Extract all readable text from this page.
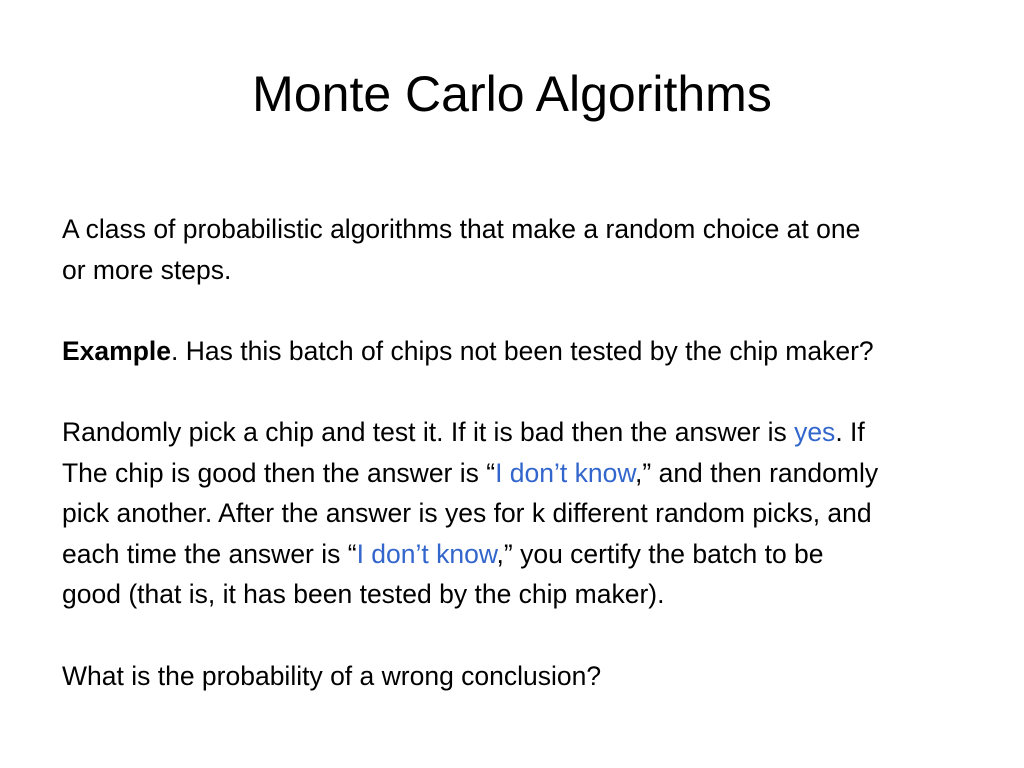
Monte Carlo Algorithms

A class of probabilistic algorithms that make a random choice at one
or more steps.

Example. Has this batch of chips not been tested by the chip maker?

Randomly pick a chip and test it. If it is bad then the answer is yes. If
The chip is good then the answer is “I don’t know,” and then randomly
pick another. After the answer is yes for k different random picks, and
each time the answer is “I don’t know,” you certify the batch to be
good (that is, it has been tested by the chip maker).

What is the probability of a wrong conclusion?
